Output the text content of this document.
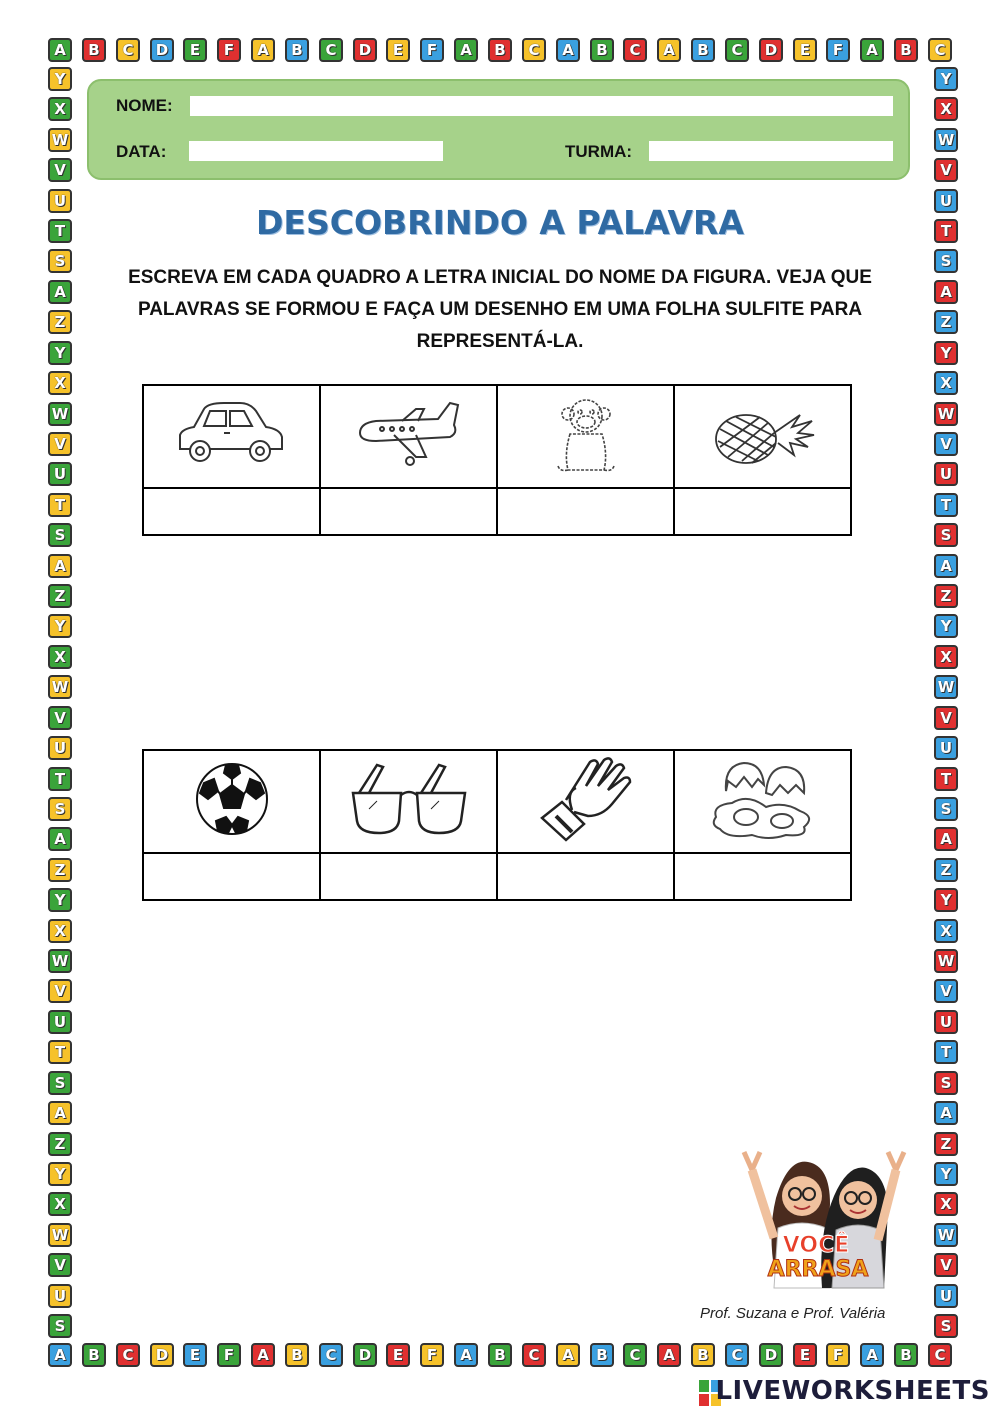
A	B	C	D	E	F	A	B	C	D	E	F	A	B	C	A	B	C	A	B	C	D	E	F	A	B	C
A	B	C	D	E	F	A	B	C	D	E	F	A	B	C	A	B	C	A	B	C	D	E	F	A	B	C
Y	Y
X	X
W	W
V	V
U	U
T	T
S	S
A	A
Z	Z
Y	Y
X	X
W	W
V	V
U	U
T	T
S	S
A	A
Z	Z
Y	Y
X	X
W	W
V	V
U	U
T	T
S	S
A	A
Z	Z
Y	Y
X	X
W	W
V	V
U	U
T	T
S	S
A	A
Z	Z
Y	Y
X	X
W	W
V	V
U	U
S	S
NOME:
DATA:	TURMA:
DESCOBRINDO A PALAVRA
ESCREVA EM CADA QUADRO A LETRA INICIAL DO NOME DA FIGURA. VEJA QUE PALAVRAS SE FORMOU E FAÇA UM DESENHO EM UMA FOLHA SULFITE PARA REPRESENTÁ-LA.

VOCÊ
ARRASA
Prof. Suzana e Prof. Valéria
LIVEWORKSHEETS
